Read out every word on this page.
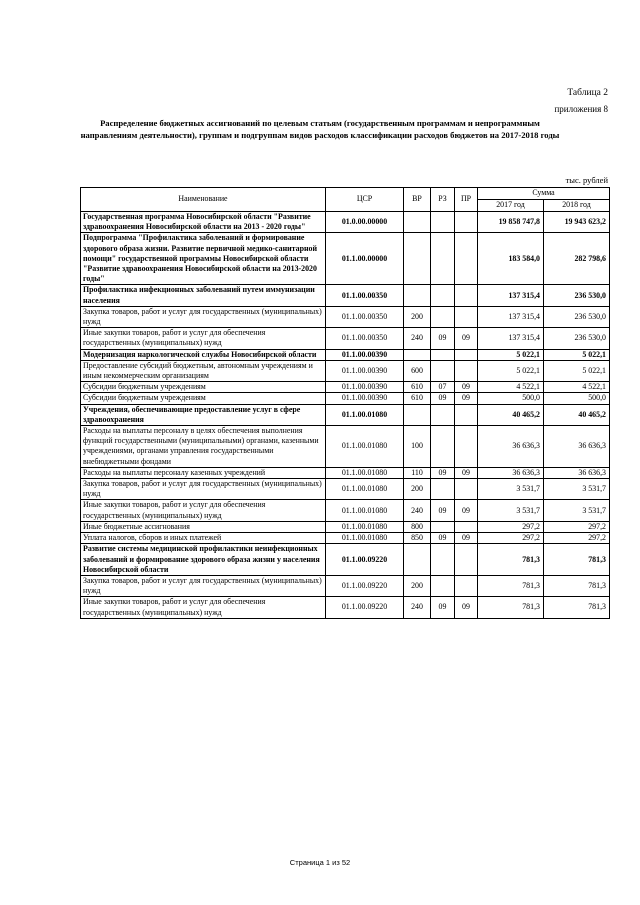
Таблица 2
приложения 8
Распределение бюджетных ассигнований по целевым статьям (государственным программам и непрограммным направлениям деятельности), группам и подгруппам видов расходов классификации расходов бюджетов на 2017-2018 годы
тыс. рублей
Наименование	ЦСР	ВР	РЗ	ПР	Сумма	
					2017 год	2018 год
Государственная программа Новосибирской области "Развитие здравоохранения Новосибирской области на 2013 - 2020 годы"	01.0.00.00000				19 858 747,8	19 943 623,2
Подпрограмма "Профилактика заболеваний и формирование здорового образа жизни. Развитие первичной медико-санитарной помощи" государственной программы Новосибирской области "Развитие здравоохранения Новосибирской области на 2013-2020 годы"	01.1.00.00000				183 584,0	282 798,6
Профилактика инфекционных заболеваний путем иммунизации населения	01.1.00.00350				137 315,4	236 530,0
Закупка товаров, работ и услуг для государственных (муниципальных) нужд	01.1.00.00350	200			137 315,4	236 530,0
Иные закупки товаров, работ и услуг для обеспечения государственных (муниципальных) нужд	01.1.00.00350	240	09	09	137 315,4	236 530,0
Модернизация наркологической службы Новосибирской области	01.1.00.00390				5 022,1	5 022,1
Предоставление субсидий бюджетным, автономным учреждениям и иным некоммерческим организациям	01.1.00.00390	600			5 022,1	5 022,1
Субсидии бюджетным учреждениям	01.1.00.00390	610	07	09	4 522,1	4 522,1
Субсидии бюджетным учреждениям	01.1.00.00390	610	09	09	500,0	500,0
Учреждения, обеспечивающие предоставление услуг в сфере здравоохранения	01.1.00.01080				40 465,2	40 465,2
Расходы на выплаты персоналу в целях обеспечения выполнения функций государственными (муниципальными) органами, казенными учреждениями, органами управления государственными внебюджетными фондами	01.1.00.01080	100			36 636,3	36 636,3
Расходы на выплаты персоналу казенных учреждений	01.1.00.01080	110	09	09	36 636,3	36 636,3
Закупка товаров, работ и услуг для государственных (муниципальных) нужд	01.1.00.01080	200			3 531,7	3 531,7
Иные закупки товаров, работ и услуг для обеспечения государственных (муниципальных) нужд	01.1.00.01080	240	09	09	3 531,7	3 531,7
Иные бюджетные ассигнования	01.1.00.01080	800			297,2	297,2
Уплата налогов, сборов и иных платежей	01.1.00.01080	850	09	09	297,2	297,2
Развитие системы медицинской профилактики неинфекционных заболеваний и формирование здорового образа жизни у населения Новосибирской области	01.1.00.09220				781,3	781,3
Закупка товаров, работ и услуг для государственных (муниципальных) нужд	01.1.00.09220	200			781,3	781,3
Иные закупки товаров, работ и услуг для обеспечения государственных (муниципальных) нужд	01.1.00.09220	240	09	09	781,3	781,3
Страница 1 из 52
